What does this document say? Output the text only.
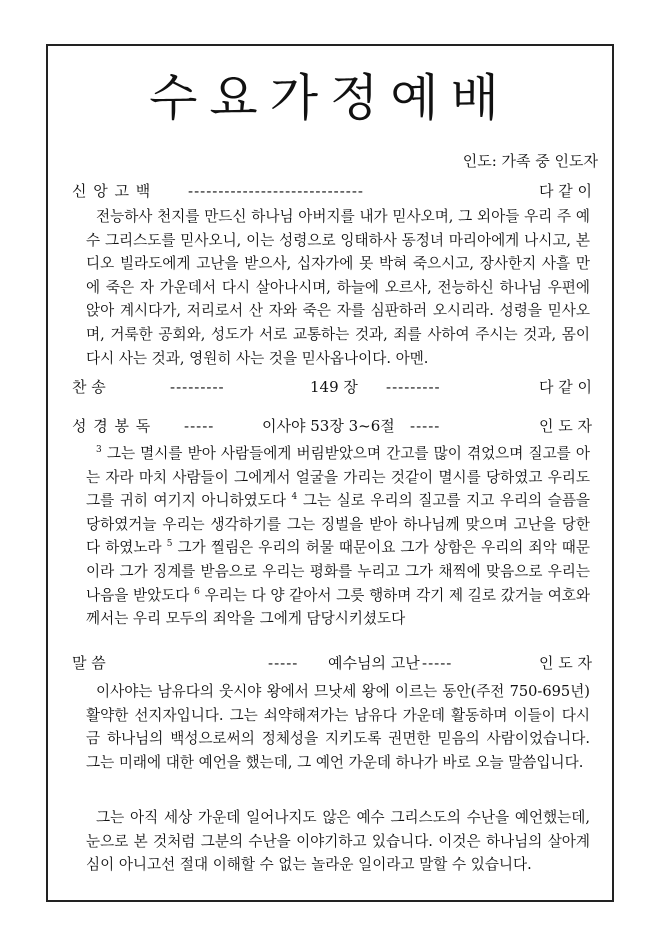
수요가정예배
인도: 가족 중 인도자
신 앙 고 백 -----------------------------	다 같 이

전능하사 천지를 만드신 하나님 아버지를 내가 믿사오며, 그 외아들 우리 주 예수 그리스도를 믿사오니, 이는 성령으로 잉태하사 동정녀 마리아에게 나시고, 본디오 빌라도에게 고난을 받으사, 십자가에 못 박혀 죽으시고, 장사한지 사흘 만에 죽은 자 가운데서 다시 살아나시며, 하늘에 오르사, 전능하신 하나님 우편에 앉아 계시다가, 저리로서 산 자와 죽은 자를 심판하러 오시리라. 성령을 믿사오며, 거룩한 공회와, 성도가 서로 교통하는 것과, 죄를 사하여 주시는 것과, 몸이 다시 사는 것과, 영원히 사는 것을 믿사옵나이다. 아멘.

찬 송	---------	149 장 ---------	다 같 이
성 경 봉 독 -----	이사야 53장 3~6절 -----	인 도 자

$^3$ 그는 멸시를 받아 사람들에게 버림받았으며 간고를 많이 겪었으며 질고를 아는 자라 마치 사람들이 그에게서 얼굴을 가리는 것같이 멸시를 당하였고 우리도 그를 귀히 여기지 아니하였도다 $^4$ 그는 실로 우리의 질고를 지고 우리의 슬픔을 당하였거늘 우리는 생각하기를 그는 징벌을 받아 하나님께 맞으며 고난을 당한다 하였노라 $^5$ 그가 찔림은 우리의 허물 때문이요 그가 상함은 우리의 죄악 때문이라 그가 징계를 받음으로 우리는 평화를 누리고 그가 채찍에 맞음으로 우리는 나음을 받았도다 $^6$ 우리는 다 양 같아서 그릇 행하며 각기 제 길로 갔거늘 여호와께서는 우리 모두의 죄악을 그에게 담당시키셨도다

말 씀	----- 예수님의 고난 -----	인 도 자

이사야는 남유다의 웃시야 왕에서 므낫세 왕에 이르는 동안(주전 750-695년) 활약한 선지자입니다. 그는 쇠약해져가는 남유다 가운데 활동하며 이들이 다시금 하나님의 백성으로써의 정체성을 지키도록 권면한 믿음의 사람이었습니다. 그는 미래에 대한 예언을 했는데, 그 예언 가운데 하나가 바로 오늘 말씀입니다.

그는 아직 세상 가운데 일어나지도 않은 예수 그리스도의 수난을 예언했는데, 눈으로 본 것처럼 그분의 수난을 이야기하고 있습니다. 이것은 하나님의 살아계심이 아니고선 절대 이해할 수 없는 놀라운 일이라고 말할 수 있습니다.
